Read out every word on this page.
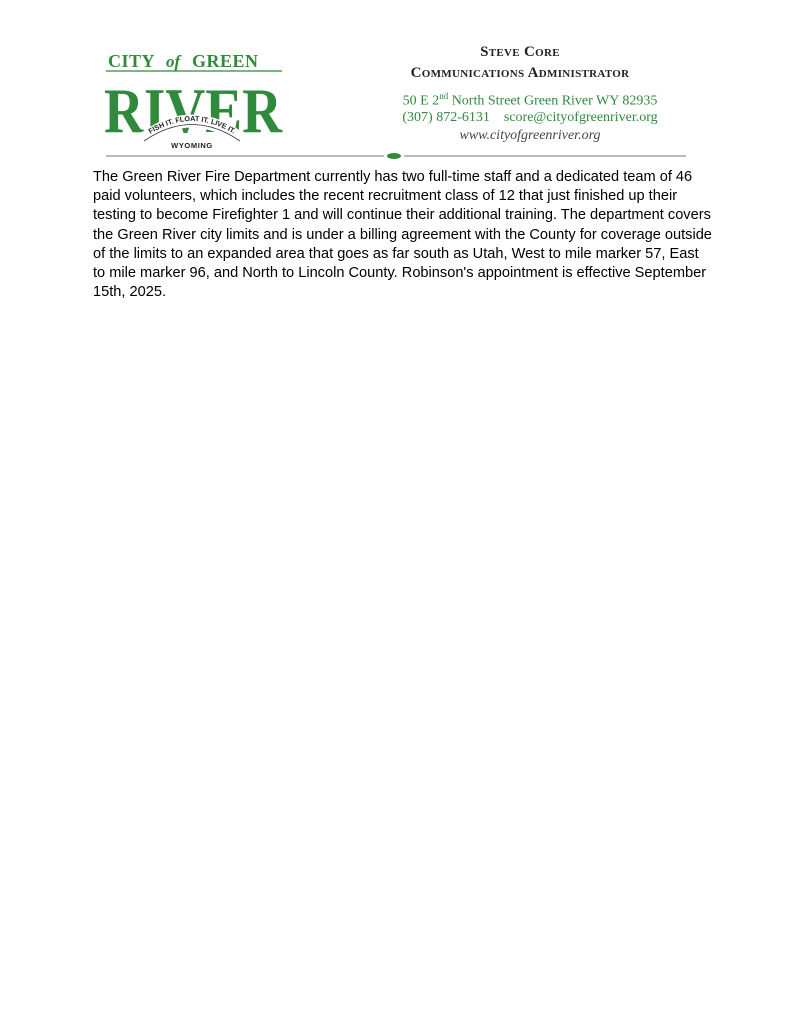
CITY of GREEN
RIVER
FISH IT. FLOAT IT. LIVE IT.
WYOMING
Steve Core
Communications Administrator
50 E 2nd North Street Green River WY 82935
(307) 872-6131 score@cityofgreenriver.org
www.cityofgreenriver.org

The Green River Fire Department currently has two full-time staff and a dedicated team of 46 paid volunteers, which includes the recent recruitment class of 12 that just finished up their testing to become Firefighter 1 and will continue their additional training. The department covers the Green River city limits and is under a billing agreement with the County for coverage outside of the limits to an expanded area that goes as far south as Utah, West to mile marker 57, East to mile marker 96, and North to Lincoln County. Robinson's appointment is effective September 15th, 2025.
